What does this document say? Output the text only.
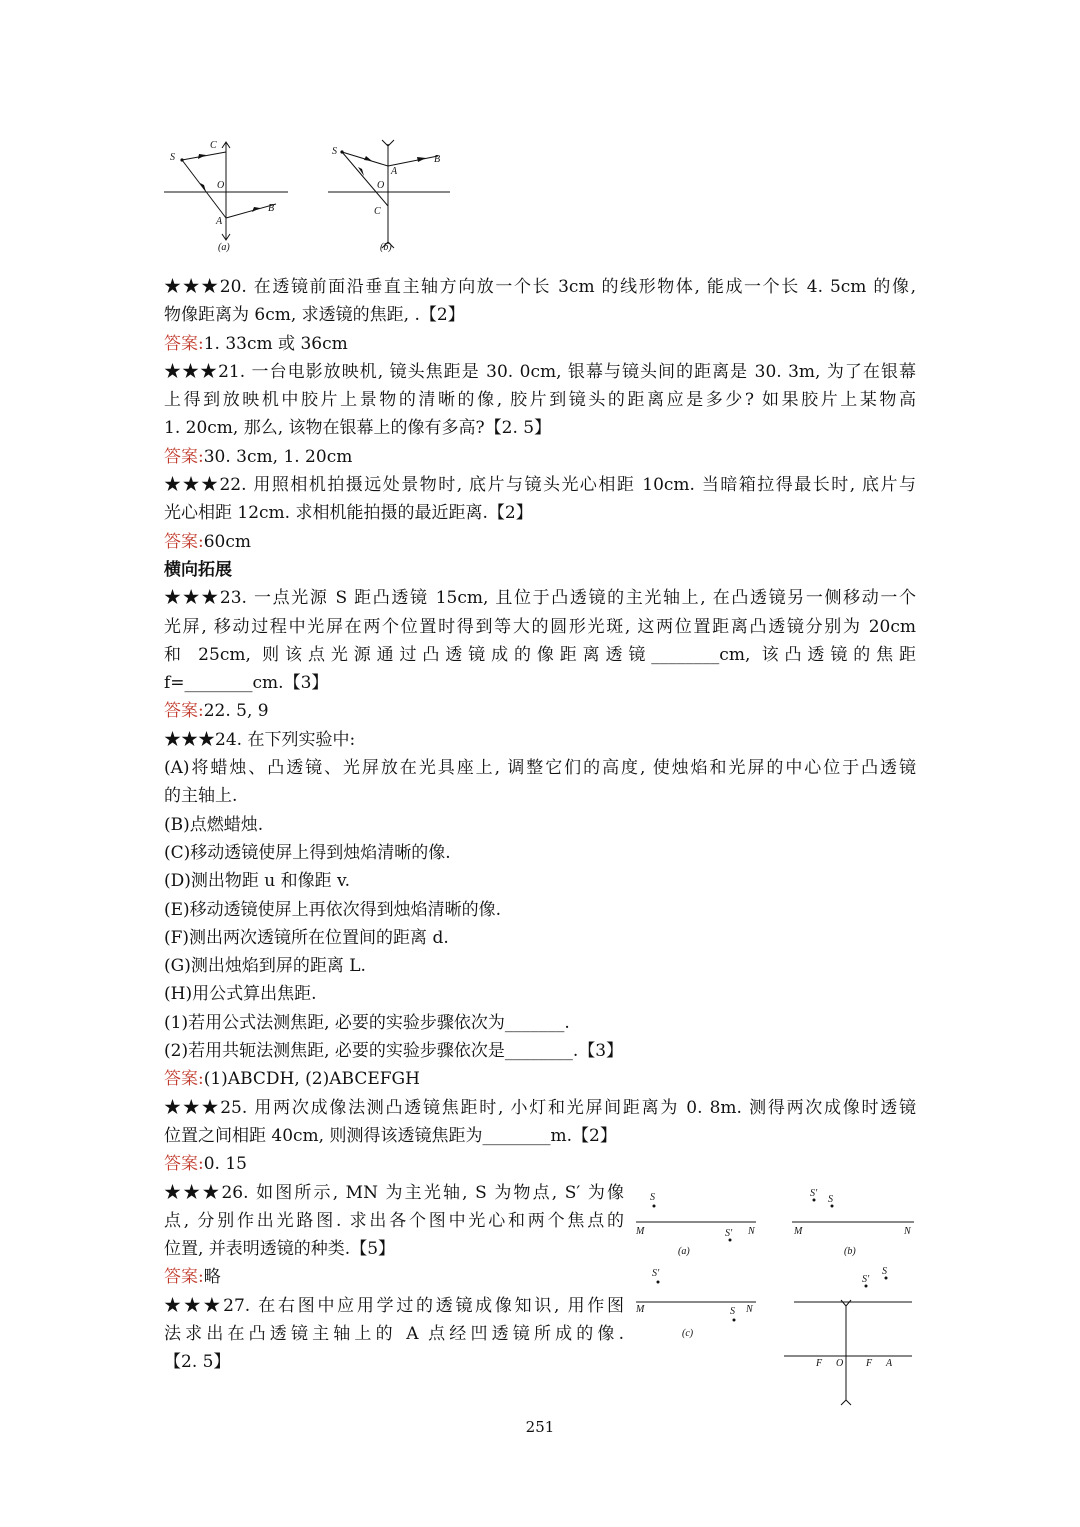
S
C
O
A
B
(a)
S
A
O
C
B
(b)
★★★20. 在透镜前面沿垂直主轴方向放一个长 3cm 的线形物体, 能成一个长 4. 5cm 的像,
物像距离为 6cm, 求透镜的焦距, .【2】
答案:1. 33cm 或 36cm
★★★21. 一台电影放映机, 镜头焦距是 30. 0cm, 银幕与镜头间的距离是 30. 3m, 为了在银幕
上得到放映机中胶片上景物的清晰的像, 胶片到镜头的距离应是多少? 如果胶片上某物高
1. 20cm, 那么, 该物在银幕上的像有多高?【2. 5】
答案:30. 3cm, 1. 20cm
★★★22. 用照相机拍摄远处景物时, 底片与镜头光心相距 10cm. 当暗箱拉得最长时, 底片与
光心相距 12cm. 求相机能拍摄的最近距离.【2】
答案:60cm
横向拓展
★★★23. 一点光源 S 距凸透镜 15cm, 且位于凸透镜的主光轴上, 在凸透镜另一侧移动一个
光屏, 移动过程中光屏在两个位置时得到等大的圆形光斑, 这两位置距离凸透镜分别为 20cm
和 25cm, 则该点光源通过凸透镜成的像距离透镜________cm, 该凸透镜的焦距
f=________cm.【3】
答案:22. 5, 9
★★★24. 在下列实验中:
(A)将蜡烛、凸透镜、光屏放在光具座上, 调整它们的高度, 使烛焰和光屏的中心位于凸透镜
的主轴上.
(B)点燃蜡烛.
(C)移动透镜使屏上得到烛焰清晰的像.
(D)测出物距 u 和像距 v.
(E)移动透镜使屏上再依次得到烛焰清晰的像.
(F)测出两次透镜所在位置间的距离 d.
(G)测出烛焰到屏的距离 L.
(H)用公式算出焦距.
(1)若用公式法测焦距, 必要的实验步骤依次为_______.
(2)若用共轭法测焦距, 必要的实验步骤依次是________.【3】
答案:(1)ABCDH, (2)ABCEFGH
★★★25. 用两次成像法测凸透镜焦距时, 小灯和光屏间距离为 0. 8m. 测得两次成像时透镜
位置之间相距 40cm, 则测得该透镜焦距为________m.【2】
答案:0. 15
★★★26. 如图所示, MN 为主光轴, S 为物点, S′ 为像
点, 分别作出光路图. 求出各个图中光心和两个焦点的
位置, 并表明透镜的种类.【5】
答案:略
★★★27. 在右图中应用学过的透镜成像知识, 用作图
法求出在凸透镜主轴上的 A 点经凹透镜所成的像.
【2. 5】
S
S′
M	N
(a)
S′
S
M	N
(b)
S′
S
M	N
(c)
S′
S
F O F A
251
